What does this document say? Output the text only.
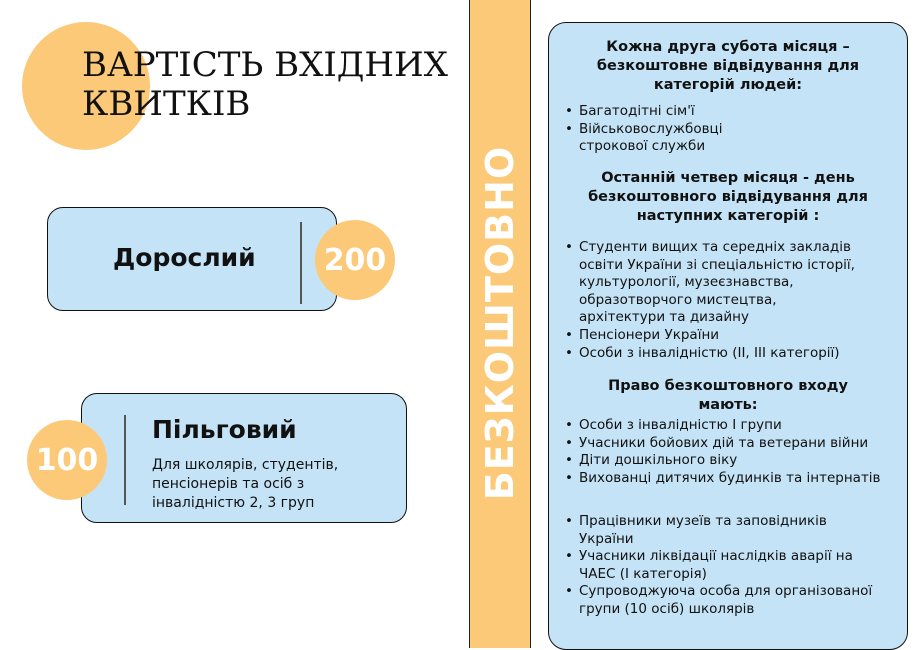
ВАРТІСТЬ ВХІДНИХ
КВИТКІВ
Дорослий 200
Пільговий
Для школярів, студентів,
пенсіонерів та осіб з
інвалідністю 2, 3 груп
100	БЕЗКОШТОВНО

Кожна друга субота місяця –
безкоштовне відвідування для
категорій людей:

• Багатодітні сім'ї
• Військовослужбовці
строкової служби

Останній четвер місяця - день
безкоштовного відвідування для
наступних категорій :

• Студенти вищих та середніх закладів
освіти України зі спеціальністю історії,
культурології, музеєзнавства,
образотворчого мистецтва,
архітектури та дизайну
• Пенсіонери України
• Особи з інвалідністю (II, III категорії)

Право безкоштовного входу
мають:

• Особи з інвалідністю I групи
• Учасники бойових дій та ветерани війни
• Діти дошкільного віку
• Вихованці дитячих будинків та інтернатів
• Працівники музеїв та заповідників
України
• Учасники ліквідації наслідків аварії на
ЧАЕС (I категорія)
• Супроводжуюча особа для організованої
групи (10 осіб) школярів
